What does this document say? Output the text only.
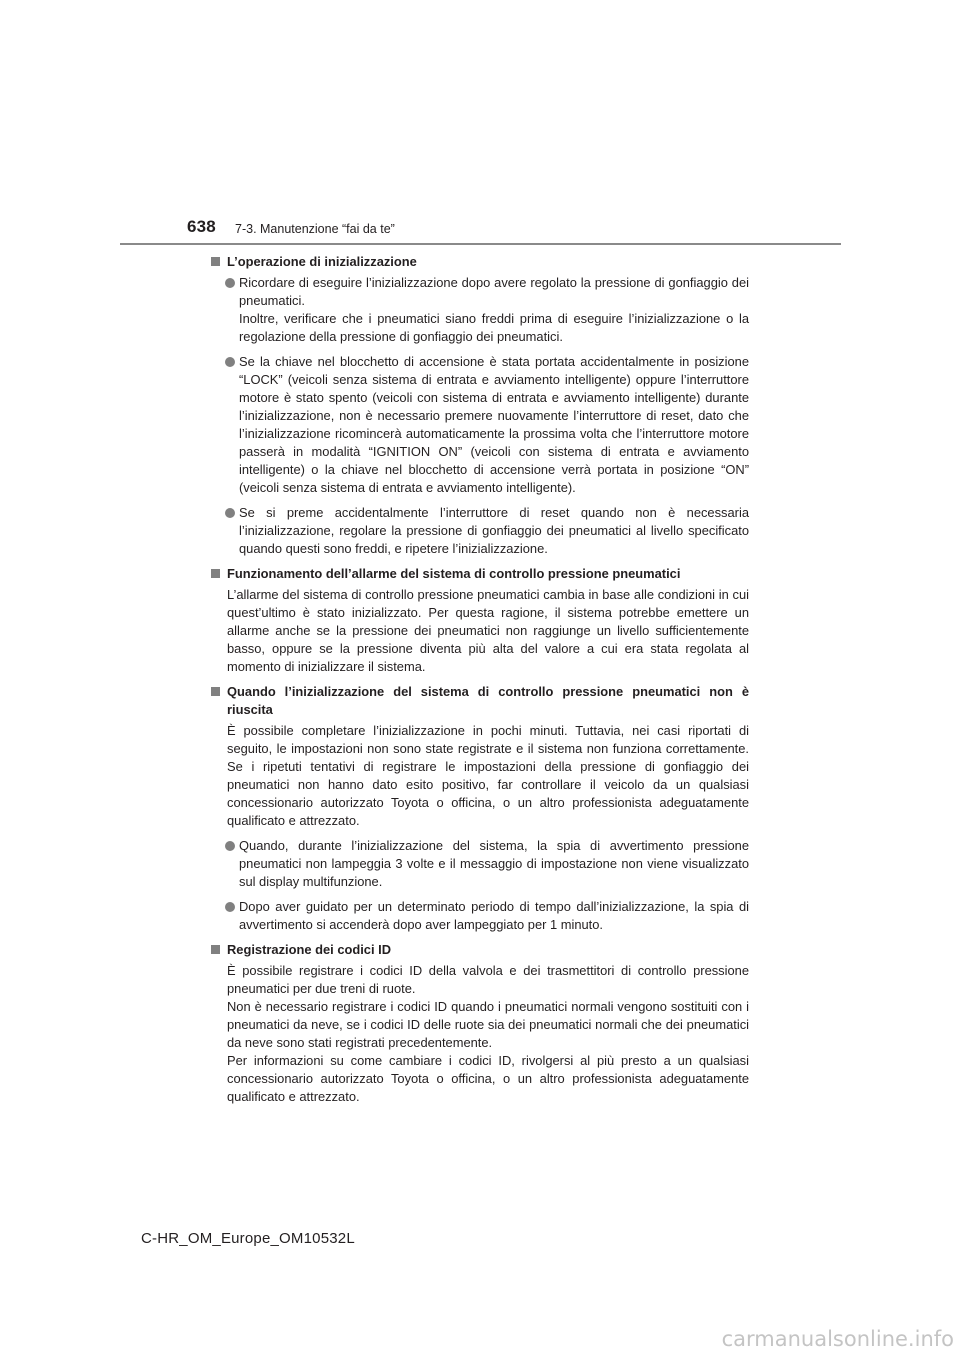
638 7-3. Manutenzione “fai da te”
L’operazione di inizializzazione
Ricordare di eseguire l’inizializzazione dopo avere regolato la pressione di gonfiaggio dei pneumatici.
Inoltre, verificare che i pneumatici siano freddi prima di eseguire l’inizializzazione o la regolazione della pressione di gonfiaggio dei pneumatici.
Se la chiave nel blocchetto di accensione è stata portata accidentalmente in posizione “LOCK” (veicoli senza sistema di entrata e avviamento intelligente) oppure l’interruttore motore è stato spento (veicoli con sistema di entrata e avviamento intelligente) durante l’inizializzazione, non è necessario premere nuovamente l’interruttore di reset, dato che l’inizializzazione ricomincerà automaticamente la prossima volta che l’interruttore motore passerà in modalità “IGNITION ON” (veicoli con sistema di entrata e avviamento intelligente) o la chiave nel blocchetto di accensione verrà portata in posizione “ON” (veicoli senza sistema di entrata e avviamento intelligente).
Se si preme accidentalmente l’interruttore di reset quando non è necessaria l’inizializzazione, regolare la pressione di gonfiaggio dei pneumatici al livello specificato quando questi sono freddi, e ripetere l’inizializzazione.
Funzionamento dell’allarme del sistema di controllo pressione pneumatici
L’allarme del sistema di controllo pressione pneumatici cambia in base alle condizioni in cui quest’ultimo è stato inizializzato. Per questa ragione, il sistema potrebbe emettere un allarme anche se la pressione dei pneumatici non raggiunge un livello sufficientemente basso, oppure se la pressione diventa più alta del valore a cui era stata regolata al momento di inizializzare il sistema.
Quando l’inizializzazione del sistema di controllo pressione pneumatici non è riuscita
È possibile completare l’inizializzazione in pochi minuti. Tuttavia, nei casi riportati di seguito, le impostazioni non sono state registrate e il sistema non funziona correttamente. Se i ripetuti tentativi di registrare le impostazioni della pressione di gonfiaggio dei pneumatici non hanno dato esito positivo, far controllare il veicolo da un qualsiasi concessionario autorizzato Toyota o officina, o un altro professionista adeguatamente qualificato e attrezzato.
Quando, durante l’inizializzazione del sistema, la spia di avvertimento pressione pneumatici non lampeggia 3 volte e il messaggio di impostazione non viene visualizzato sul display multifunzione.
Dopo aver guidato per un determinato periodo di tempo dall’inizializzazione, la spia di avvertimento si accenderà dopo aver lampeggiato per 1 minuto.
Registrazione dei codici ID
È possibile registrare i codici ID della valvola e dei trasmettitori di controllo pressione pneumatici per due treni di ruote.
Non è necessario registrare i codici ID quando i pneumatici normali vengono sostituiti con i pneumatici da neve, se i codici ID delle ruote sia dei pneumatici normali che dei pneumatici da neve sono stati registrati precedentemente.
Per informazioni su come cambiare i codici ID, rivolgersi al più presto a un qualsiasi concessionario autorizzato Toyota o officina, o un altro professionista adeguatamente qualificato e attrezzato.
C-HR_OM_Europe_OM10532L
carmanualsonline.info
